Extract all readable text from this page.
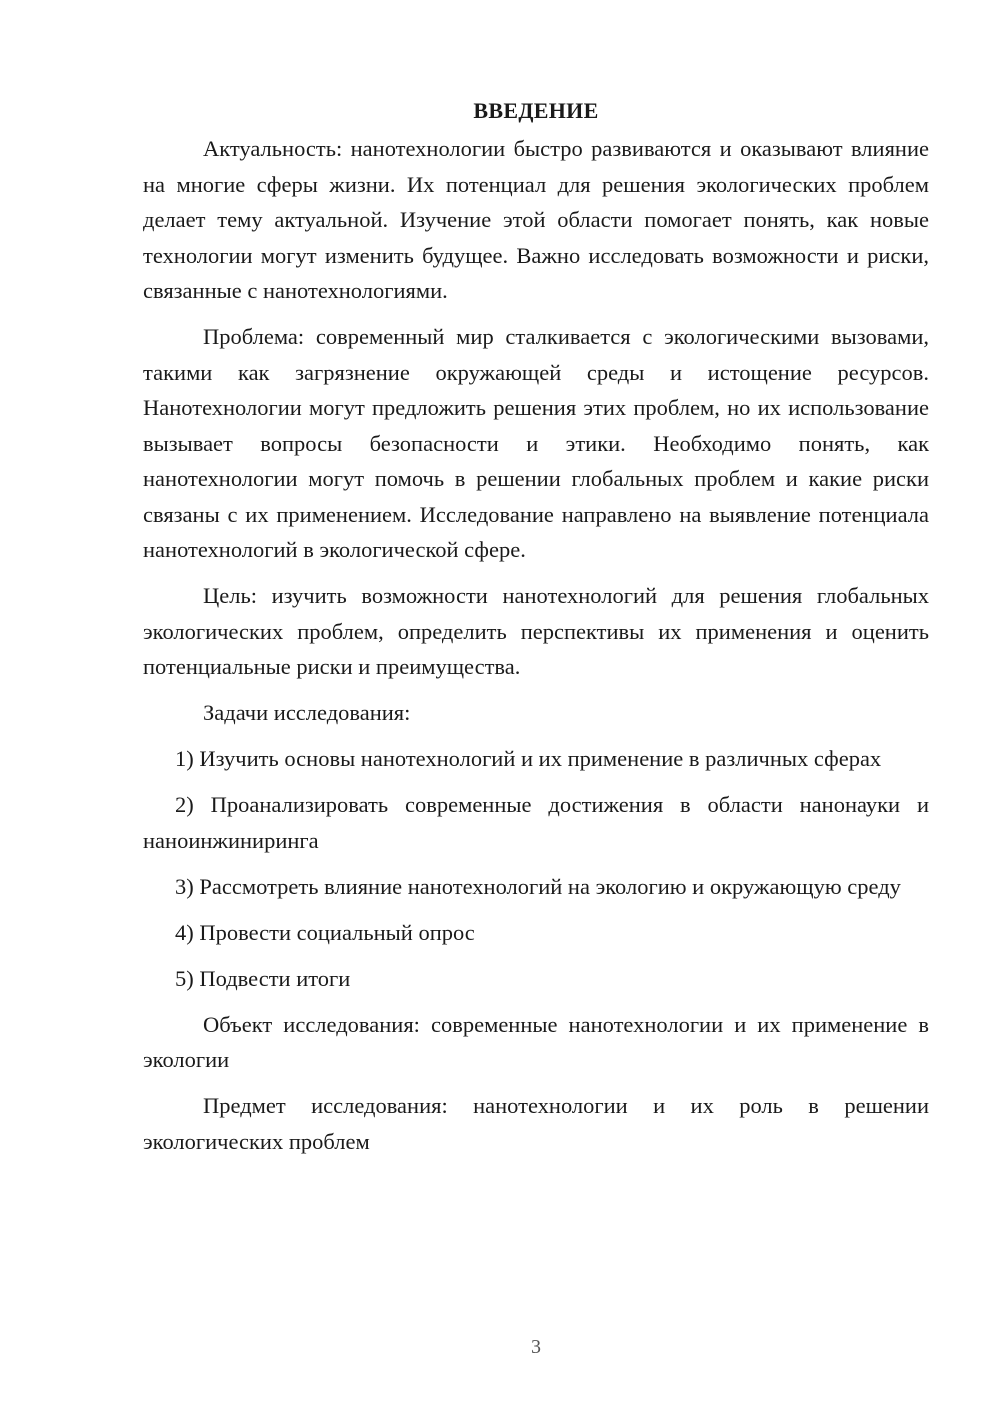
ВВЕДЕНИЕ

Актуальность: нанотехнологии быстро развиваются и оказывают влияние на многие сферы жизни. Их потенциал для решения экологических проблем делает тему актуальной. Изучение этой области помогает понять, как новые технологии могут изменить будущее. Важно исследовать возможности и риски, связанные с нанотехнологиями.

Проблема: современный мир сталкивается с экологическими вызовами, такими как загрязнение окружающей среды и истощение ресурсов. Нанотехнологии могут предложить решения этих проблем, но их использование вызывает вопросы безопасности и этики. Необходимо понять, как нанотехнологии могут помочь в решении глобальных проблем и какие риски связаны с их применением. Исследование направлено на выявление потенциала нанотехнологий в экологической сфере.

Цель: изучить возможности нанотехнологий для решения глобальных экологических проблем, определить перспективы их применения и оценить потенциальные риски и преимущества.

Задачи исследования:

1) Изучить основы нанотехнологий и их применение в различных сферах

2) Проанализировать современные достижения в области нанонауки и наноинжиниринга

3) Рассмотреть влияние нанотехнологий на экологию и окружающую среду

4) Провести социальный опрос

5) Подвести итоги

Объект исследования: современные нанотехнологии и их применение в экологии

Предмет исследования: нанотехнологии и их роль в решении экологических проблем

3
